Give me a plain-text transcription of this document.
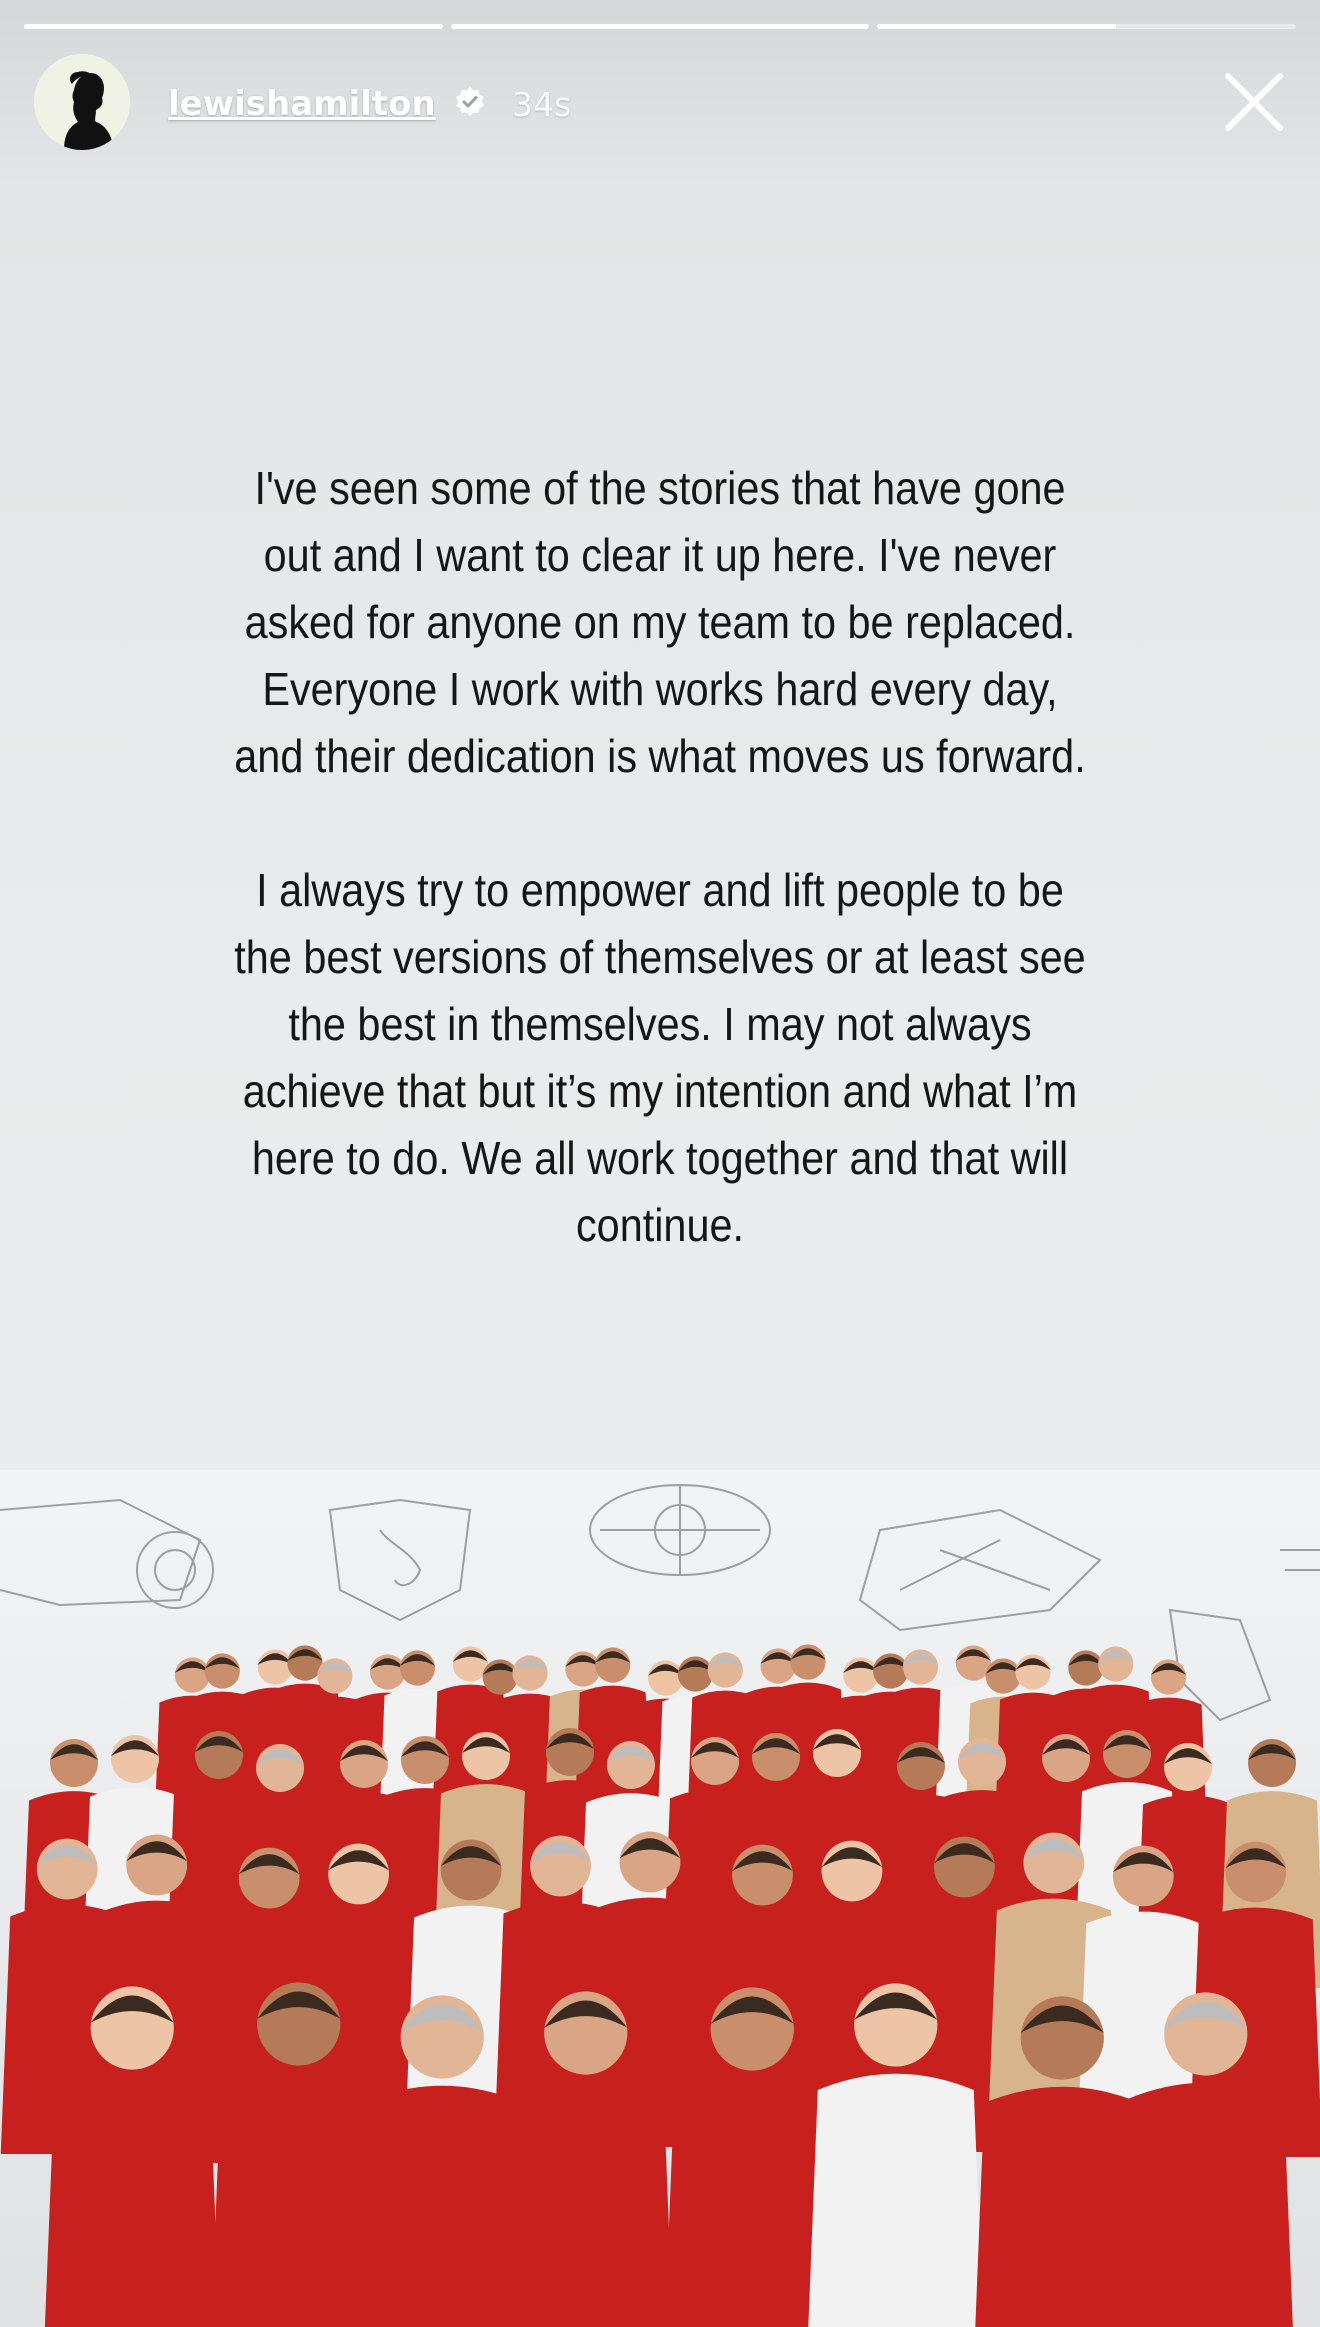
lewishamilton 34s

I've seen some of the stories that have gone out and I want to clear it up here. I've never asked for anyone on my team to be replaced. Everyone I work with works hard every day, and their dedication is what moves us forward.

I always try to empower and lift people to be the best versions of themselves or at least see the best in themselves. I may not always achieve that but it’s my intention and what I’m here to do. We all work together and that will continue.
